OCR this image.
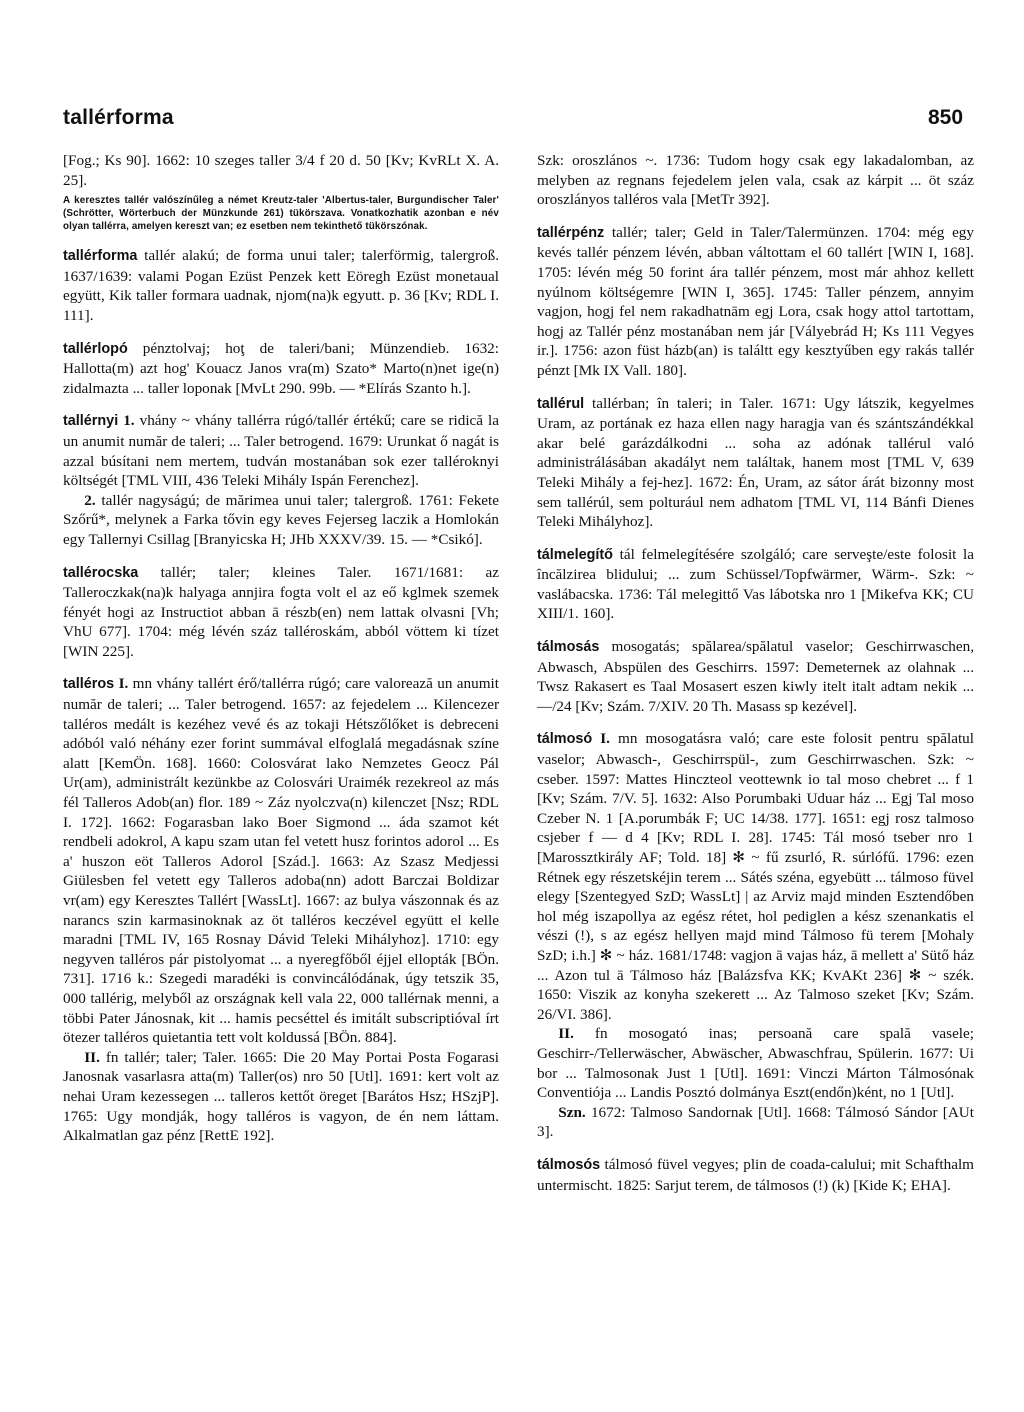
tallérforma	850

[Fog.; Ks 90]. 1662: 10 szeges taller 3/4 f 20 d. 50 [Kv; KvRLt X. A. 25].

A keresztes tallér valószínűleg a német Kreutz-taler 'Albertus-taler, Burgundischer Taler' (Schrötter, Wörterbuch der Münzkunde 261) tükörszava. Vonatkozhatik azonban e név olyan tallérra, amelyen kereszt van; ez esetben nem tekinthető tükörszónak.

tallérforma tallér alakú; de forma unui taler; talerförmig, talergroß. 1637/1639: valami Pogan Ezüst Penzek kett Eöregh Ezüst monetaual együtt, Kik taller formara uadnak, njom(na)k egyutt. p. 36 [Kv; RDL I. 111].

tallérlopó pénztolvaj; hoţ de taleri/bani; Münzendieb. 1632: Hallotta(m) azt hog' Kouacz Janos vra(m) Szato* Marto(n)net ige(n) zidalmazta ... taller loponak [MvLt 290. 99b. — *Elírás Szanto h.].

tallérnyi 1. vhány ~ vhány tallérra rúgó/tallér értékű; care se ridică la un anumit număr de taleri; ... Taler betrogend. 1679: Urunkat ő nagát is azzal búsítani nem mertem, tudván mostanában sok ezer talléroknyi költségét [TML VIII, 436 Teleki Mihály Ispán Ferenchez].

2. tallér nagyságú; de mărimea unui taler; talergroß. 1761: Fekete Szőrű*, melynek a Farka tővin egy keves Fejerseg laczik a Homlokán egy Tallernyi Csillag [Branyicska H; JHb XXXV/39. 15. — *Csikó].

tallérocska tallér; taler; kleines Taler. 1671/1681: az Talleroczkak(na)k halyaga annjira fogta volt el az eő kglmek szemek fényét hogi az Instructiot abban ā részb(en) nem lattak olvasni [Vh; VhU 677]. 1704: még lévén száz talléroskám, abból vöttem ki tízet [WIN 225].

talléros I. mn vhány tallért érő/tallérra rúgó; care valorează un anumit număr de taleri; ... Taler betrogend. 1657: az fejedelem ... Kilencezer talléros medált is kezéhez vevé és az tokaji Hétszőlőket is debreceni adóból való néhány ezer forint summával elfoglalá megadásnak színe alatt [KemÖn. 168]. 1660: Colosvárat lako Nemzetes Geocz Pál Ur(am), administrált kezünkbe az Colosvári Uraimék rezekreol az más fél Talleros Adob(an) flor. 189 ~ Záz nyolczva(n) kilenczet [Nsz; RDL I. 172]. 1662: Fogarasban lako Boer Sigmond ... áda szamot két rendbeli adokrol, A kapu szam utan fel vetett husz forintos adorol ... Es a' huszon eöt Talleros Adorol [Szád.]. 1663: Az Szasz Medjessi Giülesben fel vetett egy Talleros adoba(nn) adott Barczai Boldizar vr(am) egy Keresztes Tallért [WassLt]. 1667: az bulya vászonnak és az narancs szin karmasinoknak az öt talléros keczével együtt el kelle maradni [TML IV, 165 Rosnay Dávid Teleki Mihályhoz]. 1710: egy negyven talléros pár pistolyomat ... a nyeregfőből éjjel ellopták [BÖn. 731]. 1716 k.: Szegedi maradéki is convincálódának, úgy tetszik 35, 000 tallérig, melyből az országnak kell vala 22, 000 tallérnak menni, a többi Pater Jánosnak, kit ... hamis pecséttel és imitált subscriptióval írt ötezer talléros quietantia tett volt koldussá [BÖn. 884].

II. fn tallér; taler; Taler. 1665: Die 20 May Portai Posta Fogarasi Janosnak vasarlasra atta(m) Taller(os) nro 50 [Utl]. 1691: kert volt az nehai Uram kezessegen ... talleros kettőt öreget [Barátos Hsz; HSzjP]. 1765: Ugy mondják, hogy talléros is vagyon, de én nem láttam. Alkalmatlan gaz pénz [RettE 192].

Szk: oroszlános ~. 1736: Tudom hogy csak egy lakadalomban, az melyben az regnans fejedelem jelen vala, csak az kárpit ... öt száz oroszlányos talléros vala [MetTr 392].

tallérpénz tallér; taler; Geld in Taler/Talermünzen. 1704: még egy kevés tallér pénzem lévén, abban váltottam el 60 tallért [WIN I, 168]. 1705: lévén még 50 forint ára tallér pénzem, most már ahhoz kellett nyúlnom költségemre [WIN I, 365]. 1745: Taller pénzem, annyim vagjon, hogj fel nem rakadhatnām egj Lora, csak hogy attol tartottam, hogj az Tallér pénz mostanában nem jár [Vályebrád H; Ks 111 Vegyes ir.]. 1756: azon füst házb(an) is találtt egy kesztyűben egy rakás tallér pénzt [Mk IX Vall. 180].

tallérul tallérban; în taleri; in Taler. 1671: Ugy látszik, kegyelmes Uram, az portának ez haza ellen nagy haragja van és szántszándékkal akar belé garázdálkodni ... soha az adónak tallérul való administrálásában akadályt nem találtak, hanem most [TML V, 639 Teleki Mihály a fej-hez]. 1672: Én, Uram, az sátor árát bizonny most sem tallérúl, sem polturául nem adhatom [TML VI, 114 Bánfi Dienes Teleki Mihályhoz].

tálmelegítő tál felmelegítésére szolgáló; care serveşte/este folosit la încălzirea blidului; ... zum Schüssel/Topfwärmer, Wärm-. Szk: ~ vaslábacska. 1736: Tál melegittő Vas lábotska nro 1 [Mikefva KK; CU XIII/1. 160].

tálmosás mosogatás; spălarea/spălatul vaselor; Geschirrwaschen, Abwasch, Abspülen des Geschirrs. 1597: Demeternek az olahnak ... Twsz Rakasert es Taal Mosasert eszen kiwly itelt italt adtam nekik ... —/24 [Kv; Szám. 7/XIV. 20 Th. Masass sp kezével].

tálmosó I. mn mosogatásra való; care este folosit pentru spălatul vaselor; Abwasch-, Geschirrspül-, zum Geschirrwaschen. Szk: ~ cseber. 1597: Mattes Hinczteol veottewnk io tal moso chebret ... f 1 [Kv; Szám. 7/V. 5]. 1632: Also Porumbaki Uduar ház ... Egj Tal moso Czeber N. 1 [A.porumbák F; UC 14/38. 177]. 1651: egj rosz talmoso csjeber f — d 4 [Kv; RDL I. 28]. 1745: Tál mosó tseber nro 1 [Marossztkirály AF; Told. 18] ✻ ~ fű zsurló, R. súrlófű. 1796: ezen Rétnek egy részetskéjin terem ... Sátés széna, egyebütt ... tálmoso füvel elegy [Szentegyed SzD; WassLt] | az Arviz majd minden Esztendőben hol még iszapollya az egész rétet, hol pediglen a kész szenankatis el vészi (!), s az egész hellyen majd mind Tálmoso fü terem [Mohaly SzD; i.h.] ✻ ~ ház. 1681/1748: vagjon ā vajas ház, ā mellett a' Sütő ház ... Azon tul ā Tálmoso ház [Balázsfva KK; KvAKt 236] ✻ ~ szék. 1650: Viszik az konyha szekerett ... Az Talmoso szeket [Kv; Szám. 26/VI. 386].

II. fn mosogató inas; persoană care spală vasele; Geschirr-/Tellerwäscher, Abwäscher, Abwaschfrau, Spülerin. 1677: Ui bor ... Talmosonak Just 1 [Utl]. 1691: Vinczi Márton Tálmosónak Conventiója ... Landis Posztó dolmánya Eszt(endőn)ként, no 1 [Utl].

Szn. 1672: Talmoso Sandornak [Utl]. 1668: Tálmosó Sándor [AUt 3].

tálmosós tálmosó füvel vegyes; plin de coada-calului; mit Schafthalm untermischt. 1825: Sarjut terem, de tálmosos (!) (k) [Kide K; EHA].
